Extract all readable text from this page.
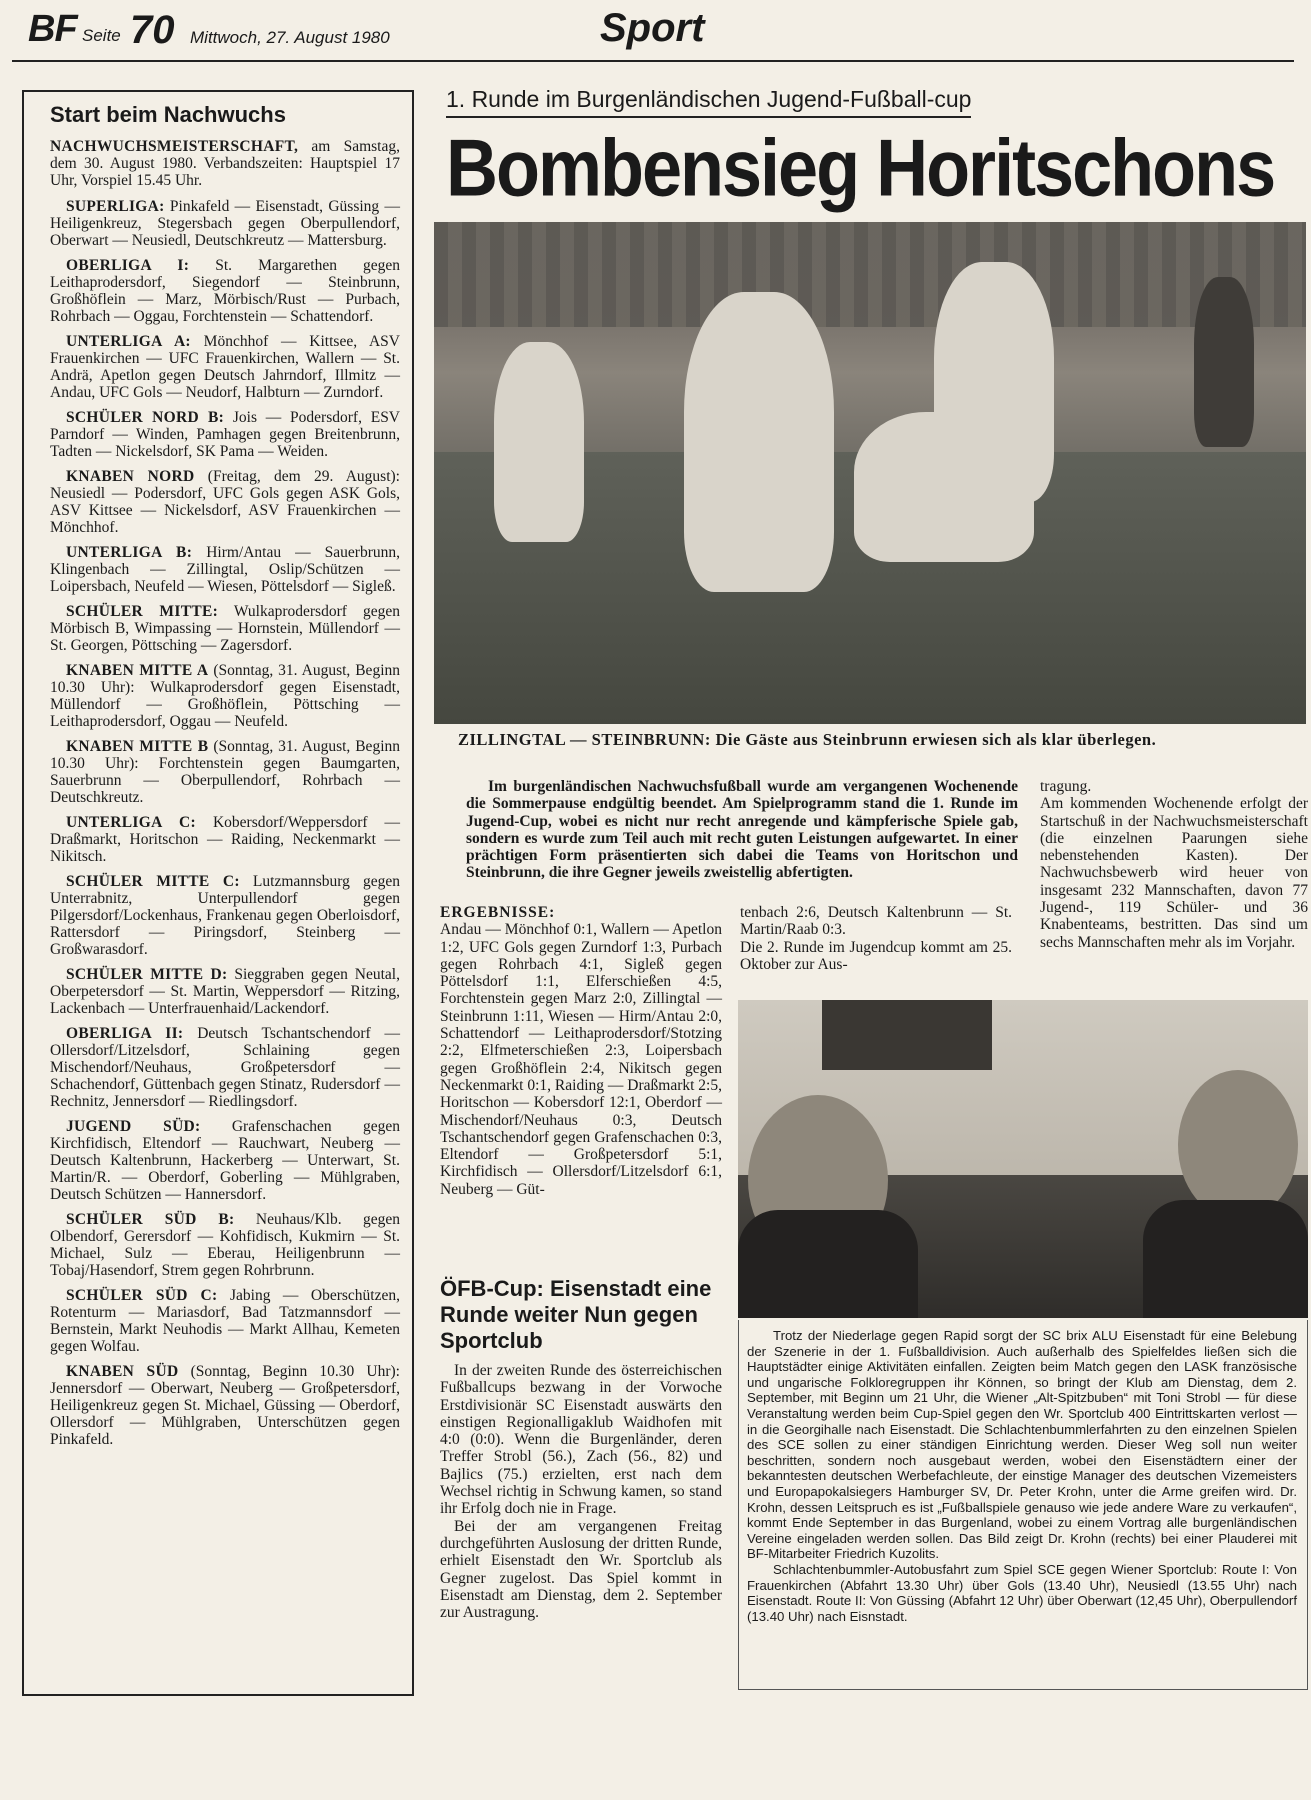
BF Seite 70 Mittwoch, 27. August 1980	Sport
Start beim Nachwuchs

NACHWUCHSMEISTERSCHAFT, am Samstag, dem 30. August 1980. Verbandszeiten: Hauptspiel 17 Uhr, Vorspiel 15.45 Uhr.

SUPERLIGA: Pinkafeld — Eisenstadt, Güssing — Heiligenkreuz, Stegersbach gegen Oberpullendorf, Oberwart — Neusiedl, Deutschkreutz — Mattersburg.

OBERLIGA I: St. Margarethen gegen Leithaprodersdorf, Siegendorf — Steinbrunn, Großhöflein — Marz, Mörbisch/Rust — Purbach, Rohrbach — Oggau, Forchtenstein — Schattendorf.

UNTERLIGA A: Mönchhof — Kittsee, ASV Frauenkirchen — UFC Frauenkirchen, Wallern — St. Andrä, Apetlon gegen Deutsch Jahrndorf, Illmitz — Andau, UFC Gols — Neudorf, Halbturn — Zurndorf.

SCHÜLER NORD B: Jois — Podersdorf, ESV Parndorf — Winden, Pamhagen gegen Breitenbrunn, Tadten — Nickelsdorf, SK Pama — Weiden.

KNABEN NORD (Freitag, dem 29. August): Neusiedl — Podersdorf, UFC Gols gegen ASK Gols, ASV Kittsee — Nickelsdorf, ASV Frauenkirchen — Mönchhof.

UNTERLIGA B: Hirm/Antau — Sauerbrunn, Klingenbach — Zillingtal, Oslip/Schützen — Loipersbach, Neufeld — Wiesen, Pöttelsdorf — Sigleß.

SCHÜLER MITTE: Wulkaprodersdorf gegen Mörbisch B, Wimpassing — Hornstein, Müllendorf — St. Georgen, Pöttsching — Zagersdorf.

KNABEN MITTE A (Sonntag, 31. August, Beginn 10.30 Uhr): Wulkaprodersdorf gegen Eisenstadt, Müllendorf — Großhöflein, Pöttsching — Leithaprodersdorf, Oggau — Neufeld.

KNABEN MITTE B (Sonntag, 31. August, Beginn 10.30 Uhr): Forchtenstein gegen Baumgarten, Sauerbrunn — Oberpullendorf, Rohrbach — Deutschkreutz.

UNTERLIGA C: Kobersdorf/Weppersdorf — Draßmarkt, Horitschon — Raiding, Neckenmarkt — Nikitsch.

SCHÜLER MITTE C: Lutzmannsburg gegen Unterrabnitz, Unterpullendorf gegen Pilgersdorf/Lockenhaus, Frankenau gegen Oberloisdorf, Rattersdorf — Piringsdorf, Steinberg — Großwarasdorf.

SCHÜLER MITTE D: Sieggraben gegen Neutal, Oberpetersdorf — St. Martin, Weppersdorf — Ritzing, Lackenbach — Unterfrauenhaid/Lackendorf.

OBERLIGA II: Deutsch Tschantschendorf — Ollersdorf/Litzelsdorf, Schlaining gegen Mischendorf/Neuhaus, Großpetersdorf — Schachendorf, Güttenbach gegen Stinatz, Rudersdorf — Rechnitz, Jennersdorf — Riedlingsdorf.

JUGEND SÜD: Grafenschachen gegen Kirchfidisch, Eltendorf — Rauchwart, Neuberg — Deutsch Kaltenbrunn, Hackerberg — Unterwart, St. Martin/R. — Oberdorf, Goberling — Mühlgraben, Deutsch Schützen — Hannersdorf.

SCHÜLER SÜD B: Neuhaus/Klb. gegen Olbendorf, Gerersdorf — Kohfidisch, Kukmirn — St. Michael, Sulz — Eberau, Heiligenbrunn — Tobaj/Hasendorf, Strem gegen Rohrbrunn.

SCHÜLER SÜD C: Jabing — Oberschützen, Rotenturm — Mariasdorf, Bad Tatzmannsdorf — Bernstein, Markt Neuhodis — Markt Allhau, Kemeten gegen Wolfau.

KNABEN SÜD (Sonntag, Beginn 10.30 Uhr): Jennersdorf — Oberwart, Neuberg — Großpetersdorf, Heiligenkreuz gegen St. Michael, Güssing — Oberdorf, Ollersdorf — Mühlgraben, Unterschützen gegen Pinkafeld.

1. Runde im Burgenländischen Jugend-Fußball-cup
Bombensieg Horitschons
ZILLINGTAL — STEINBRUNN: Die Gäste aus Steinbrunn erwiesen sich als klar überlegen.

Im burgenländischen Nachwuchsfußball wurde am vergangenen Wochenende die Sommerpause endgültig beendet. Am Spielprogramm stand die 1. Runde im Jugend-Cup, wobei es nicht nur recht anregende und kämpferische Spiele gab, sondern es wurde zum Teil auch mit recht guten Leistungen aufgewartet. In einer prächtigen Form präsentierten sich dabei die Teams von Horitschon und Steinbrunn, die ihre Gegner jeweils zweistellig abfertigten.

tragung.
Am kommenden Wochenende erfolgt der Startschuß in der Nachwuchsmeisterschaft (die einzelnen Paarungen siehe nebenstehenden Kasten). Der Nachwuchsbewerb wird heuer von insgesamt 232 Mannschaften, davon 77 Jugend-, 119 Schüler- und 36 Knabenteams, bestritten. Das sind um sechs Mannschaften mehr als im Vorjahr.

ERGEBNISSE:
Andau — Mönchhof 0:1, Wallern — Apetlon 1:2, UFC Gols gegen Zurndorf 1:3, Purbach gegen Rohrbach 4:1, Sigleß gegen Pöttelsdorf 1:1, Elferschießen 4:5, Forchtenstein gegen Marz 2:0, Zillingtal — Steinbrunn 1:11, Wiesen — Hirm/Antau 2:0, Schattendorf — Leithaprodersdorf/Stotzing 2:2, Elfmeterschießen 2:3, Loipersbach gegen Großhöflein 2:4, Nikitsch gegen Neckenmarkt 0:1, Raiding — Draßmarkt 2:5, Horitschon — Kobersdorf 12:1, Oberdorf — Mischendorf/Neuhaus 0:3, Deutsch Tschantschendorf gegen Grafenschachen 0:3, Eltendorf — Großpetersdorf 5:1, Kirchfidisch — Ollersdorf/Litzelsdorf 6:1, Neuberg — Güt-

tenbach 2:6, Deutsch Kaltenbrunn — St. Martin/Raab 0:3.
Die 2. Runde im Jugendcup kommt am 25. Oktober zur Aus-

ÖFB-Cup: Eisenstadt eine Runde weiter Nun gegen Sportclub

In der zweiten Runde des österreichischen Fußballcups bezwang in der Vorwoche Erstdivisionär SC Eisenstadt auswärts den einstigen Regionalligaklub Waidhofen mit 4:0 (0:0). Wenn die Burgenländer, deren Treffer Strobl (56.), Zach (56., 82) und Bajlics (75.) erzielten, erst nach dem Wechsel richtig in Schwung kamen, so stand ihr Erfolg doch nie in Frage.

Bei der am vergangenen Freitag durchgeführten Auslosung der dritten Runde, erhielt Eisenstadt den Wr. Sportclub als Gegner zugelost. Das Spiel kommt in Eisenstadt am Dienstag, dem 2. September zur Austragung.

Trotz der Niederlage gegen Rapid sorgt der SC brix ALU Eisenstadt für eine Belebung der Szenerie in der 1. Fußballdivision. Auch außerhalb des Spielfeldes ließen sich die Hauptstädter einige Aktivitäten einfallen. Zeigten beim Match gegen den LASK französische und ungarische Folkloregruppen ihr Können, so bringt der Klub am Dienstag, dem 2. September, mit Beginn um 21 Uhr, die Wiener „Alt-Spitzbuben“ mit Toni Strobl — für diese Veranstaltung werden beim Cup-Spiel gegen den Wr. Sportclub 400 Eintrittskarten verlost — in die Georgihalle nach Eisenstadt. Die Schlachtenbummlerfahrten zu den einzelnen Spielen des SCE sollen zu einer ständigen Einrichtung werden. Dieser Weg soll nun weiter beschritten, sondern noch ausgebaut werden, wobei den Eisenstädtern einer der bekanntesten deutschen Werbefachleute, der einstige Manager des deutschen Vizemeisters und Europapokalsiegers Hamburger SV, Dr. Peter Krohn, unter die Arme greifen wird. Dr. Krohn, dessen Leitspruch es ist „Fußballspiele genauso wie jede andere Ware zu verkaufen“, kommt Ende September in das Burgenland, wobei zu einem Vortrag alle burgenländischen Vereine eingeladen werden sollen. Das Bild zeigt Dr. Krohn (rechts) bei einer Plauderei mit BF-Mitarbeiter Friedrich Kuzolits.

Schlachtenbummler-Autobusfahrt zum Spiel SCE gegen Wiener Sportclub: Route I: Von Frauenkirchen (Abfahrt 13.30 Uhr) über Gols (13.40 Uhr), Neusiedl (13.55 Uhr) nach Eisenstadt. Route II: Von Güssing (Abfahrt 12 Uhr) über Oberwart (12,45 Uhr), Oberpullendorf (13.40 Uhr) nach Eisnstadt.
